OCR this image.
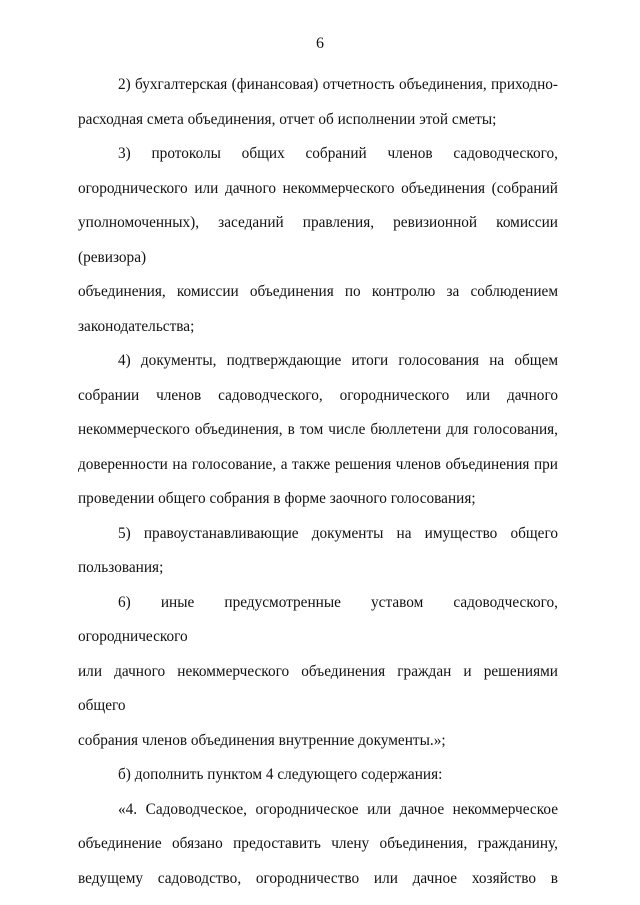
6
2) бухгалтерская (финансовая) отчетность объединения, приходно-
расходная смета объединения, отчет об исполнении этой сметы;
3) протоколы общих собраний членов садоводческого,
огороднического или дачного некоммерческого объединения (собраний
уполномоченных), заседаний правления, ревизионной комиссии (ревизора)
объединения, комиссии объединения по контролю за соблюдением
законодательства;
4) документы, подтверждающие итоги голосования на общем
собрании членов садоводческого, огороднического или дачного
некоммерческого объединения, в том числе бюллетени для голосования,
доверенности на голосование, а также решения членов объединения при
проведении общего собрания в форме заочного голосования;
5) правоустанавливающие документы на имущество общего
пользования;
6) иные предусмотренные уставом садоводческого, огороднического
или дачного некоммерческого объединения граждан и решениями общего
собрания членов объединения внутренние документы.»;
б) дополнить пунктом 4 следующего содержания:
«4. Садоводческое, огородническое или дачное некоммерческое
объединение обязано предоставить члену объединения, гражданину,
ведущему садоводство, огородничество или дачное хозяйство в
